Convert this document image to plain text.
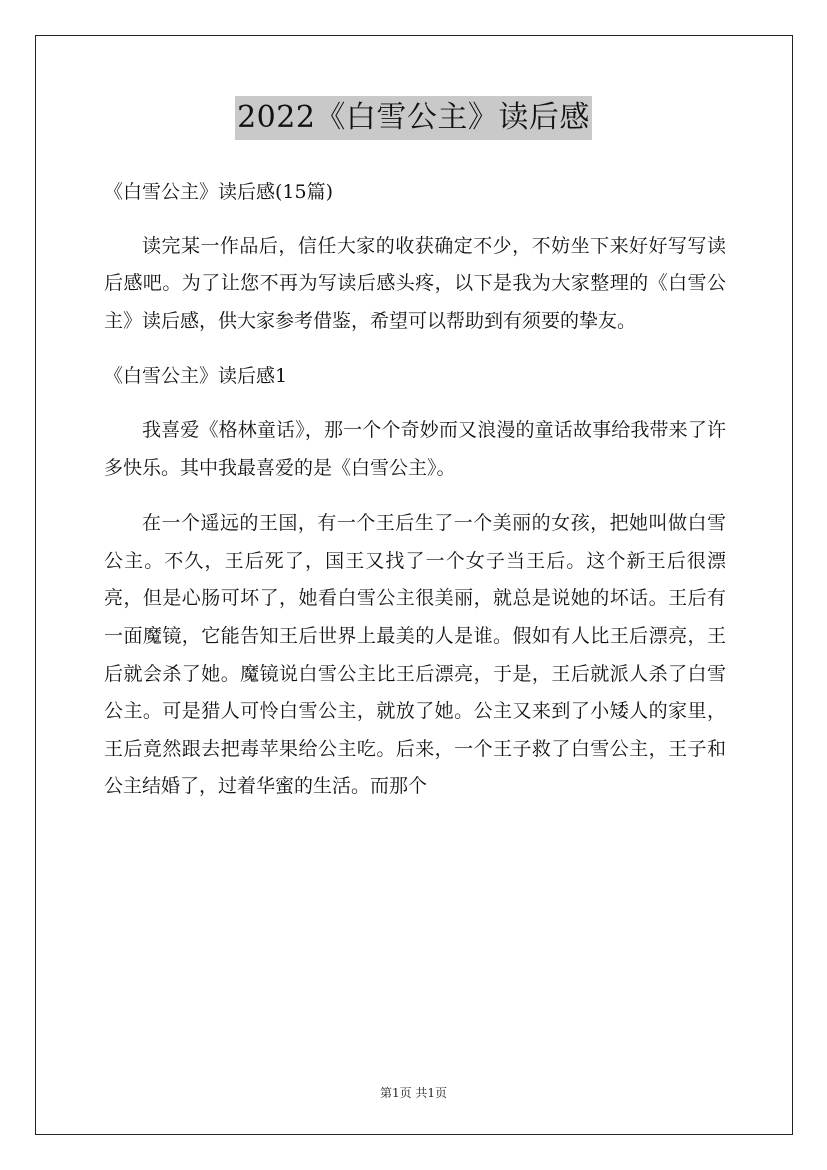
2022《白雪公主》读后感

《白雪公主》读后感(15篇)

读完某一作品后，信任大家的收获确定不少，不妨坐下来好好写写读后感吧。为了让您不再为写读后感头疼，以下是我为大家整理的《白雪公主》读后感，供大家参考借鉴，希望可以帮助到有须要的挚友。

《白雪公主》读后感1

我喜爱《格林童话》，那一个个奇妙而又浪漫的童话故事给我带来了许多快乐。其中我最喜爱的是《白雪公主》。

在一个遥远的王国，有一个王后生了一个美丽的女孩，把她叫做白雪公主。不久，王后死了，国王又找了一个女子当王后。这个新王后很漂亮，但是心肠可坏了，她看白雪公主很美丽，就总是说她的坏话。王后有一面魔镜，它能告知王后世界上最美的人是谁。假如有人比王后漂亮，王后就会杀了她。魔镜说白雪公主比王后漂亮，于是，王后就派人杀了白雪公主。可是猎人可怜白雪公主，就放了她。公主又来到了小矮人的家里，王后竟然跟去把毒苹果给公主吃。后来，一个王子救了白雪公主，王子和公主结婚了，过着华蜜的生活。而那个

第1页 共1页
